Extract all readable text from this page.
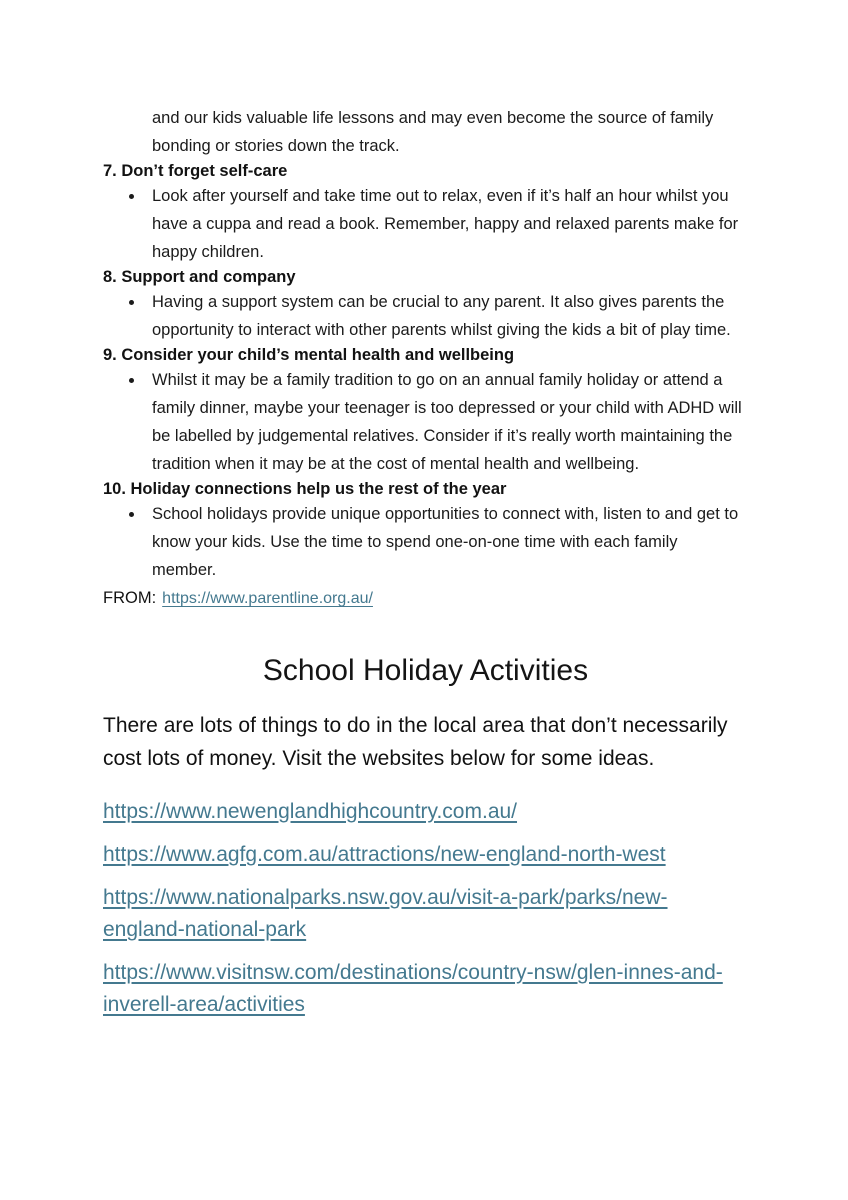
and our kids valuable life lessons and may even become the source of family bonding or stories down the track.

7. Don’t forget self-care
Look after yourself and take time out to relax, even if it’s half an hour whilst you have a cuppa and read a book. Remember, happy and relaxed parents make for happy children.
8. Support and company
Having a support system can be crucial to any parent. It also gives parents the opportunity to interact with other parents whilst giving the kids a bit of play time.
9. Consider your child’s mental health and wellbeing
Whilst it may be a family tradition to go on an annual family holiday or attend a family dinner, maybe your teenager is too depressed or your child with ADHD will be labelled by judgemental relatives. Consider if it’s really worth maintaining the tradition when it may be at the cost of mental health and wellbeing.
10. Holiday connections help us the rest of the year
School holidays provide unique opportunities to connect with, listen to and get to know your kids. Use the time to spend one-on-one time with each family member.

FROM: https://www.parentline.org.au/

School Holiday Activities

There are lots of things to do in the local area that don’t necessarily cost lots of money. Visit the websites below for some ideas.

https://www.newenglandhighcountry.com.au/

https://www.agfg.com.au/attractions/new-england-north-west

https://www.nationalparks.nsw.gov.au/visit-a-park/parks/new-england-national-park

https://www.visitnsw.com/destinations/country-nsw/glen-innes-and-inverell-area/activities
